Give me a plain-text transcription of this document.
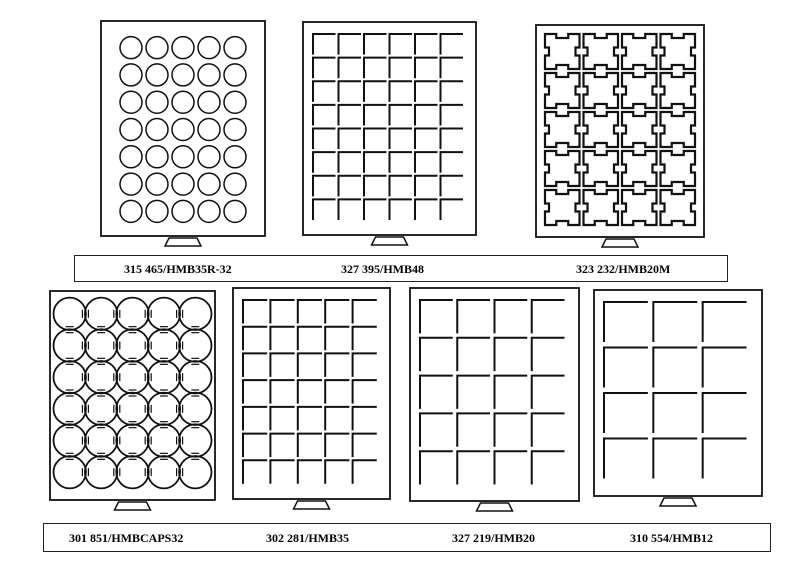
315 465/HMB35R-32	327 395/HMB48	323 232/HMB20M
301 851/HMBCAPS32	302 281/HMB35	327 219/HMB20	310 554/HMB12
